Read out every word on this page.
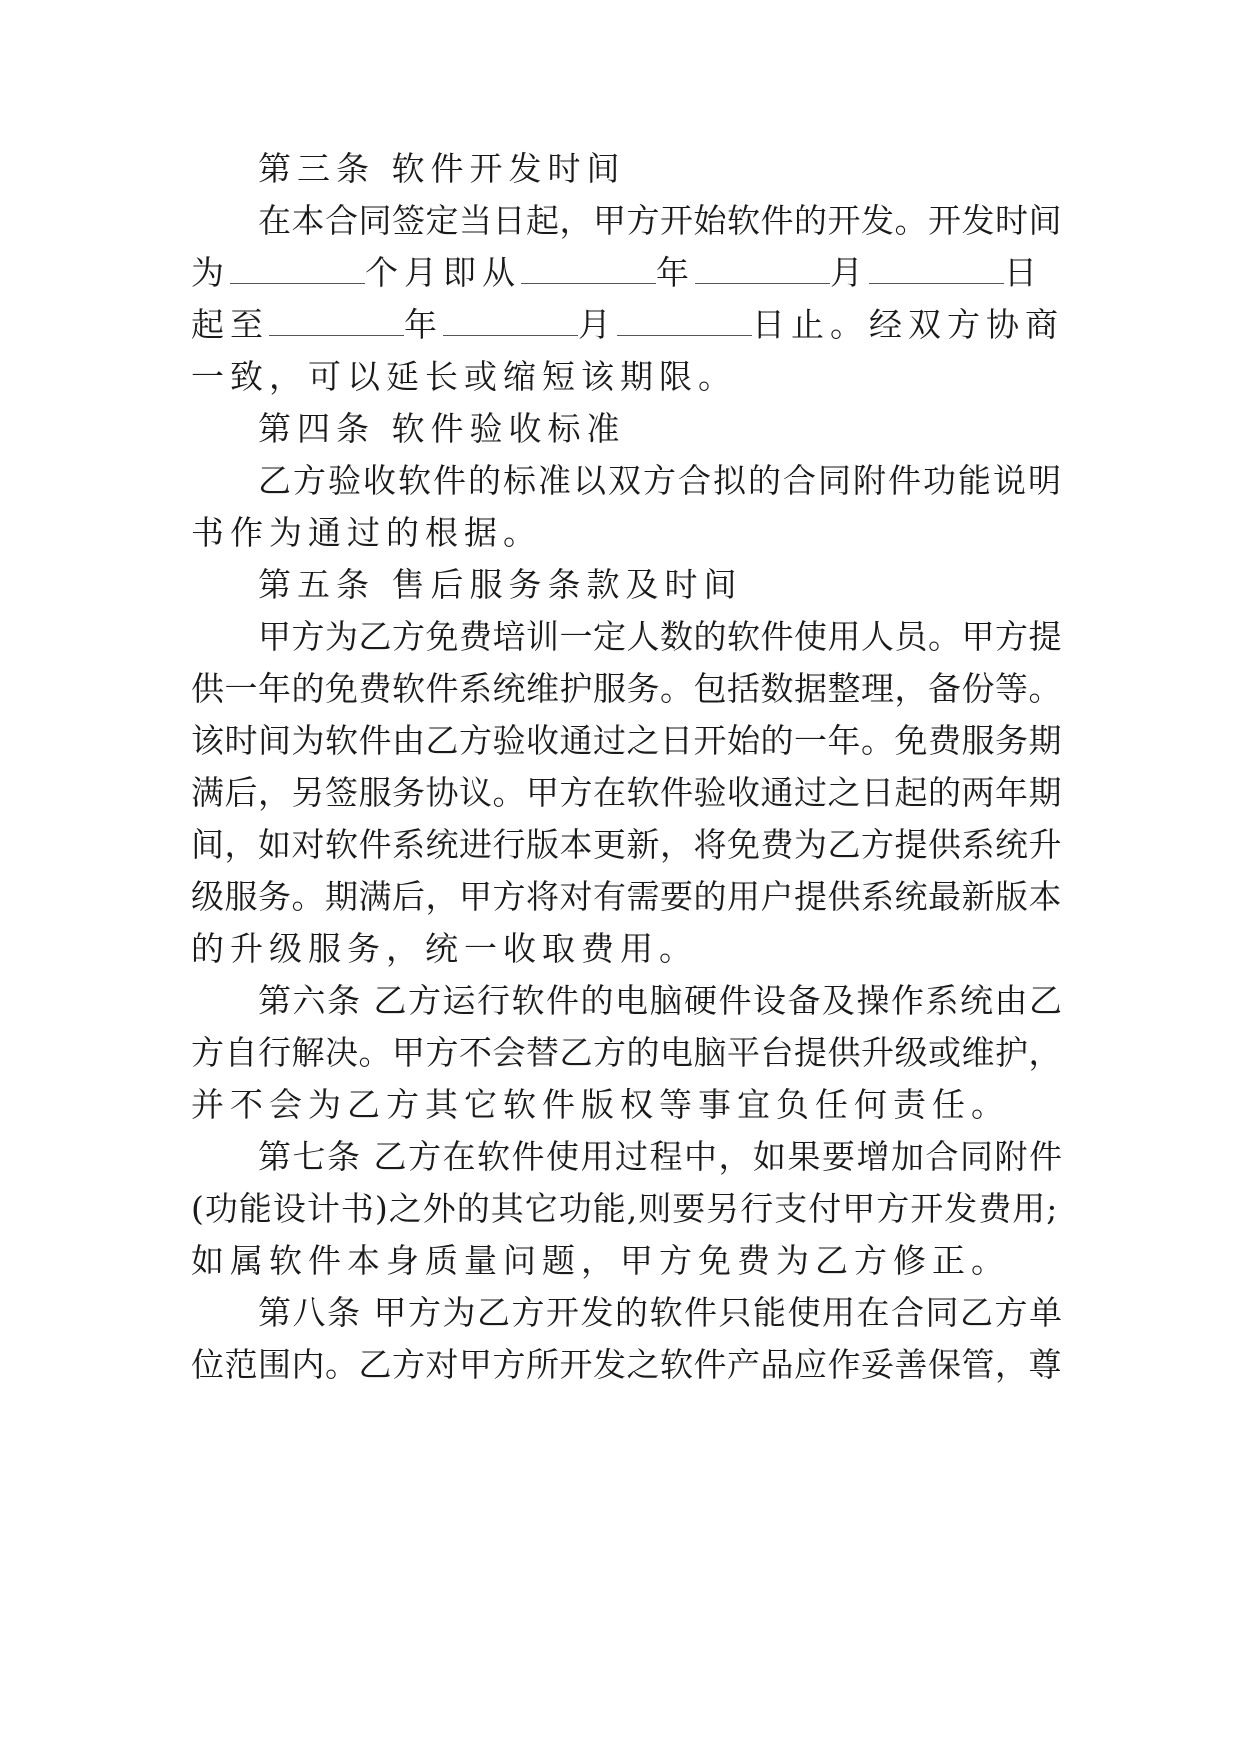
第三条 软件开发时间
在本合同签定当日起，甲方开始软件的开发。开发时间
为	个月即从	年	月	日
起至	年	月	日止。经双方协商
一致，可以延长或缩短该期限。
第四条 软件验收标准
乙方验收软件的标准以双方合拟的合同附件功能说明
书作为通过的根据。
第五条 售后服务条款及时间
甲方为乙方免费培训一定人数的软件使用人员。甲方提
供一年的免费软件系统维护服务。包括数据整理，备份等。
该时间为软件由乙方验收通过之日开始的一年。免费服务期
满后，另签服务协议。甲方在软件验收通过之日起的两年期
间，如对软件系统进行版本更新，将免费为乙方提供系统升
级服务。期满后，甲方将对有需要的用户提供系统最新版本
的升级服务，统一收取费用。
第六条 乙方运行软件的电脑硬件设备及操作系统由乙
方自行解决。甲方不会替乙方的电脑平台提供升级或维护，
并不会为乙方其它软件版权等事宜负任何责任。
第七条 乙方在软件使用过程中，如果要增加合同附件
(功能设计书)之外的其它功能,则要另行支付甲方开发费用;
如属软件本身质量问题，甲方免费为乙方修正。
第八条 甲方为乙方开发的软件只能使用在合同乙方单
位范围内。乙方对甲方所开发之软件产品应作妥善保管，尊
